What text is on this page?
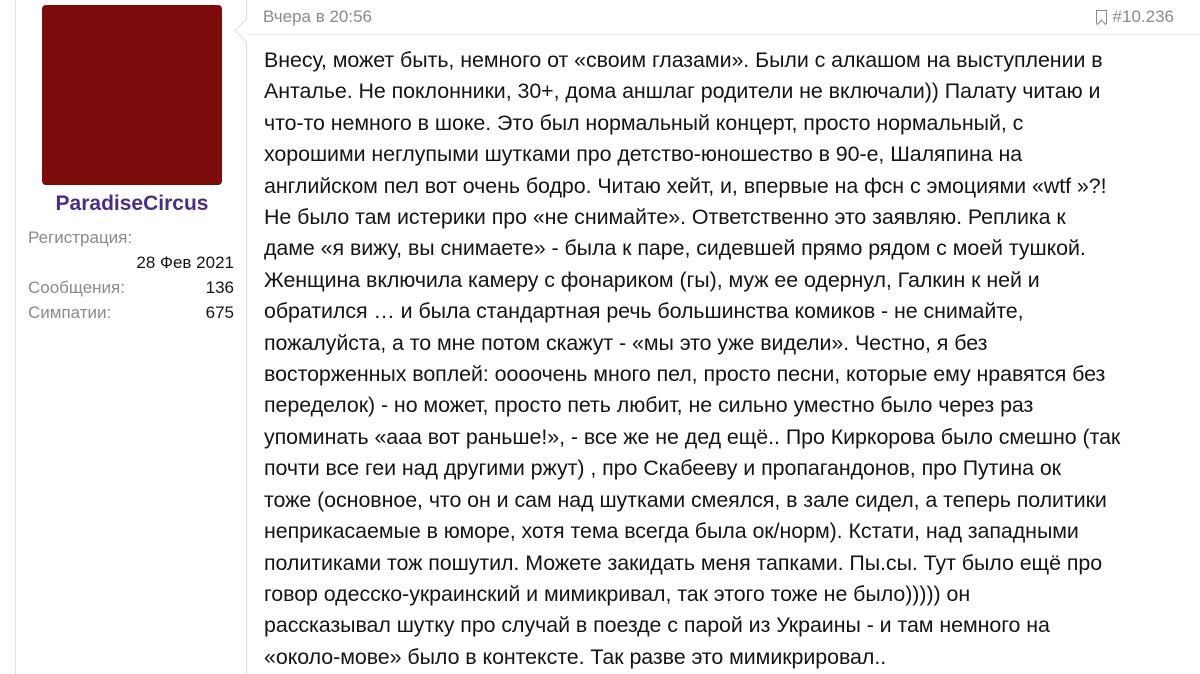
ParadiseCircus
Регистрация:
28 Фев 2021
Сообщения:	136
Симпатии:	675
Вчера в 20:56	#10.236
Внесу, может быть, немного от «своим глазами». Были с алкашом на выступлении в
Анталье. Не поклонники, 30+, дома аншлаг родители не включали)) Палату читаю и
что-то немного в шоке. Это был нормальный концерт, просто нормальный, с
хорошими неглупыми шутками про детство-юношество в 90-е, Шаляпина на
английском пел вот очень бодро. Читаю хейт, и, впервые на фсн с эмоциями «wtf »?!
Не было там истерики про «не снимайте». Ответственно это заявляю. Реплика к
даме «я вижу, вы снимаете» - была к паре, сидевшей прямо рядом с моей тушкой.
Женщина включила камеру с фонариком (гы), муж ее одернул, Галкин к ней и
обратился … и была стандартная речь большинства комиков - не снимайте,
пожалуйста, а то мне потом скажут - «мы это уже видели». Честно, я без
восторженных воплей: оооочень много пел, просто песни, которые ему нравятся без
переделок) - но может, просто петь любит, не сильно уместно было через раз
упоминать «ааа вот раньше!», - все же не дед ещё.. Про Киркорова было смешно (так
почти все геи над другими ржут) , про Скабееву и пропагандонов, про Путина ок
тоже (основное, что он и сам над шутками смеялся, в зале сидел, а теперь политики
неприкасаемые в юморе, хотя тема всегда была ок/норм). Кстати, над западными
политиками тож пошутил. Можете закидать меня тапками. Пы.сы. Тут было ещё про
говор одесско-украинский и мимикривал, так этого тоже не было))))) он
рассказывал шутку про случай в поезде с парой из Украины - и там немного на
«около-мове» было в контексте. Так разве это мимикрировал..
